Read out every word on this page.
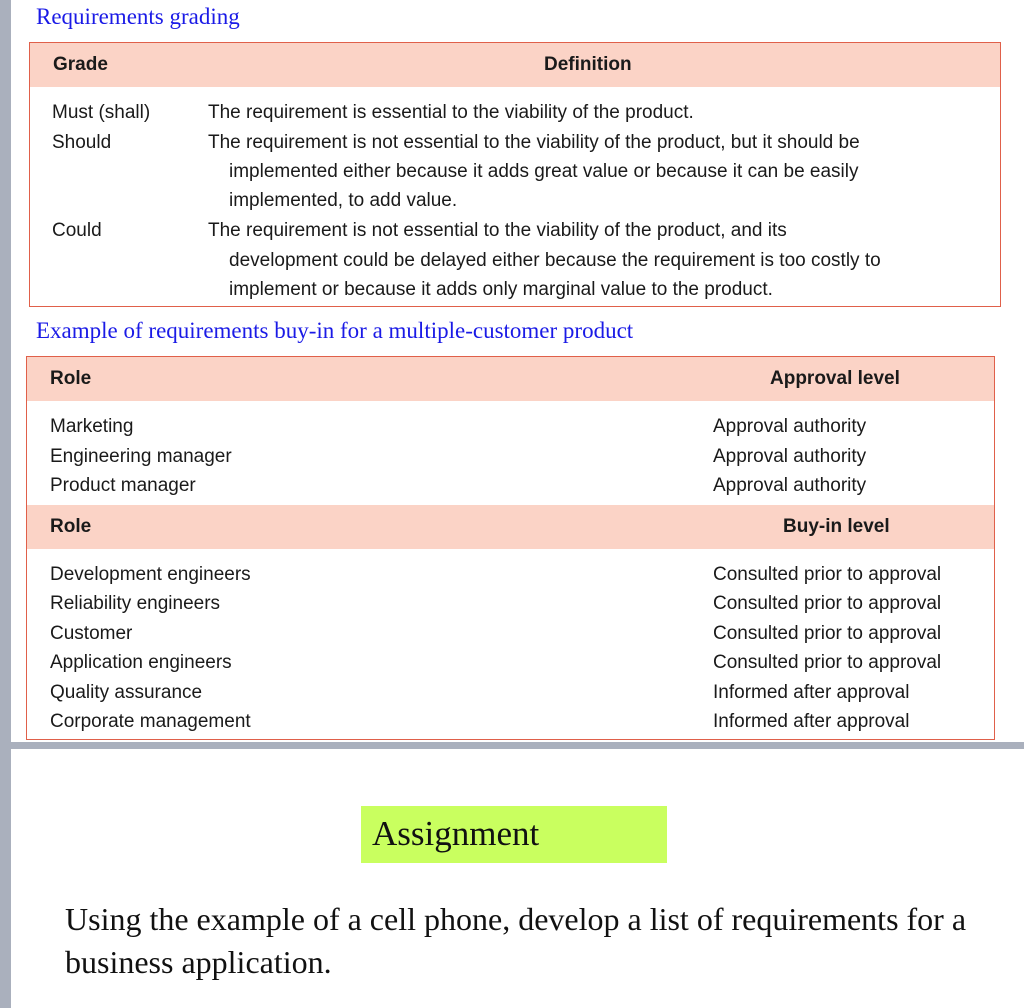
Requirements grading
Grade	Definition
Must (shall)	The requirement is essential to the viability of the product.
Should	The requirement is not essential to the viability of the product, but it should be
implemented either because it adds great value or because it can be easily
implemented, to add value.
Could	The requirement is not essential to the viability of the product, and its
development could be delayed either because the requirement is too costly to
implement or because it adds only marginal value to the product.
Example of requirements buy-in for a multiple-customer product
Role	Approval level
Marketing	Approval authority
Engineering manager	Approval authority
Product manager	Approval authority
Role	Buy-in level
Development engineers	Consulted prior to approval
Reliability engineers	Consulted prior to approval
Customer	Consulted prior to approval
Application engineers	Consulted prior to approval
Quality assurance	Informed after approval
Corporate management	Informed after approval
Assignment
Using the example of a cell phone, develop a list of requirements for a business application.
